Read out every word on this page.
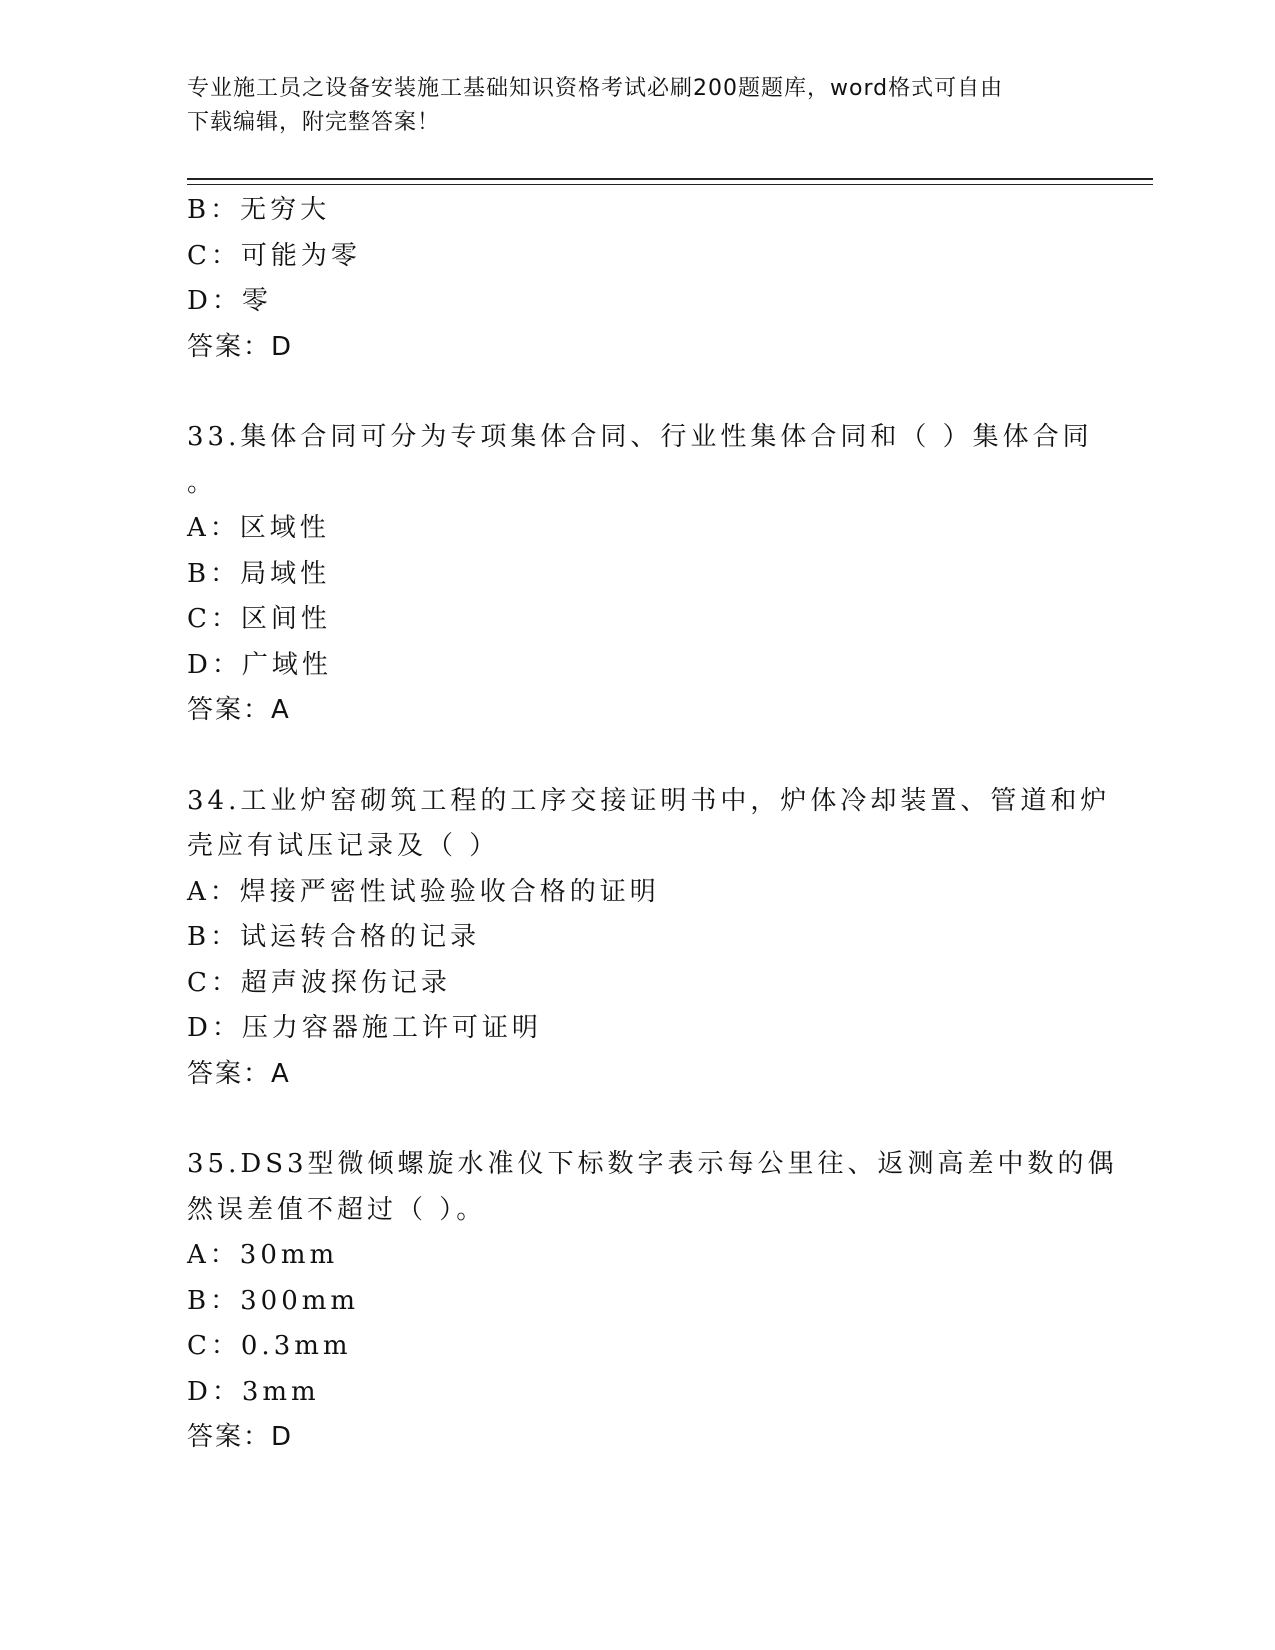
专业施工员之设备安装施工基础知识资格考试必刷200题题库，word格式可自由
下载编辑，附完整答案！
B：无穷大
C：可能为零
D：零
答案：D
33.集体合同可分为专项集体合同、行业性集体合同和（ ）集体合同
。
A：区域性
B：局域性
C：区间性
D：广域性
答案：A
34.工业炉窑砌筑工程的工序交接证明书中，炉体冷却装置、管道和炉
壳应有试压记录及（ ）
A：焊接严密性试验验收合格的证明
B：试运转合格的记录
C：超声波探伤记录
D：压力容器施工许可证明
答案：A
35.DS3型微倾螺旋水准仪下标数字表示每公里往、返测高差中数的偶
然误差值不超过（ ）。
A：30mm
B：300mm
C：0.3mm
D：3mm
答案：D
